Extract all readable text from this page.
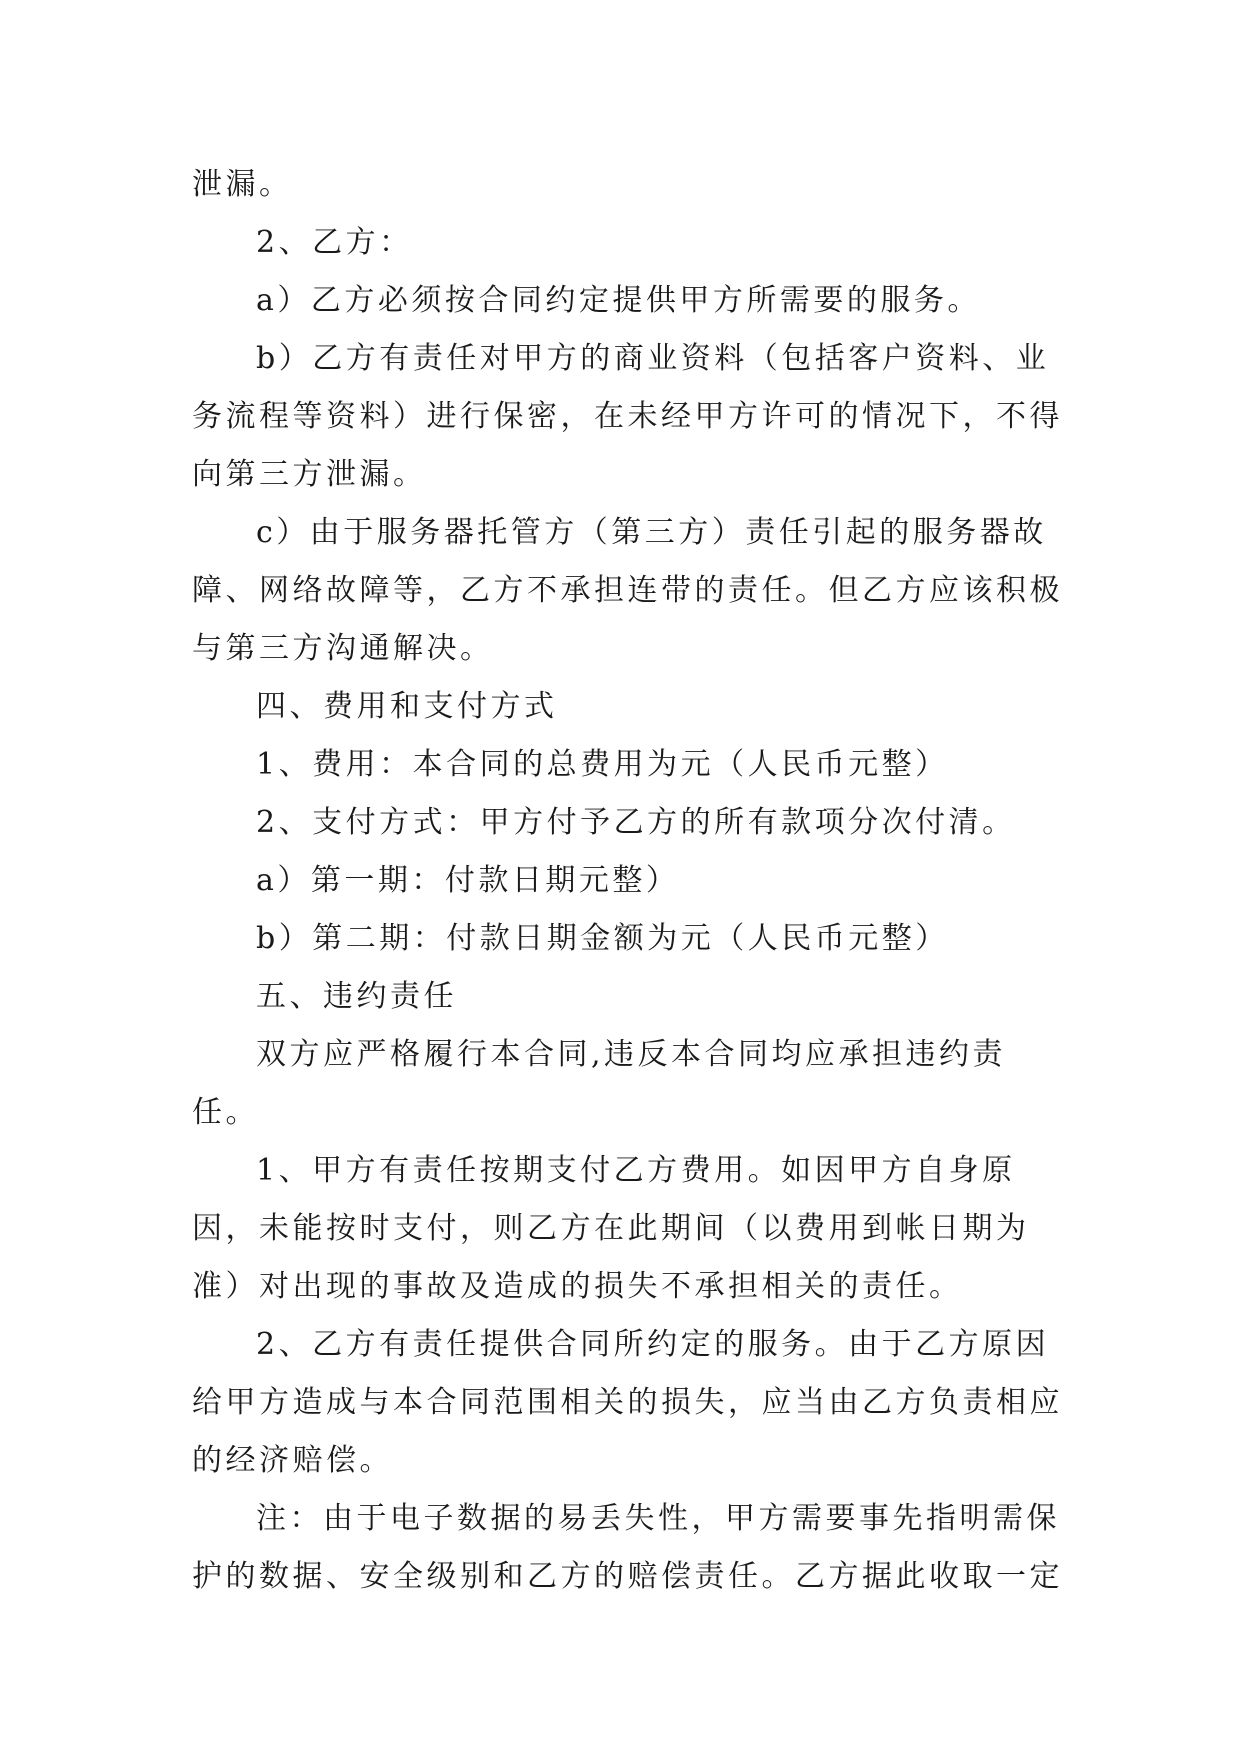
泄漏。

2、乙方：

a）乙方必须按合同约定提供甲方所需要的服务。

b）乙方有责任对甲方的商业资料（包括客户资料、业务流程等资料）进行保密，在未经甲方许可的情况下，不得向第三方泄漏。

c）由于服务器托管方（第三方）责任引起的服务器故障、网络故障等，乙方不承担连带的责任。但乙方应该积极与第三方沟通解决。

四、费用和支付方式

1、费用：本合同的总费用为元（人民币元整）

2、支付方式：甲方付予乙方的所有款项分次付清。

a）第一期：付款日期元整）

b）第二期：付款日期金额为元（人民币元整）

五、违约责任

双方应严格履行本合同,违反本合同均应承担违约责任。

1、甲方有责任按期支付乙方费用。如因甲方自身原因，未能按时支付，则乙方在此期间（以费用到帐日期为准）对出现的事故及造成的损失不承担相关的责任。

2、乙方有责任提供合同所约定的服务。由于乙方原因给甲方造成与本合同范围相关的损失，应当由乙方负责相应的经济赔偿。

注：由于电子数据的易丢失性，甲方需要事先指明需保护的数据、安全级别和乙方的赔偿责任。乙方据此收取一定
